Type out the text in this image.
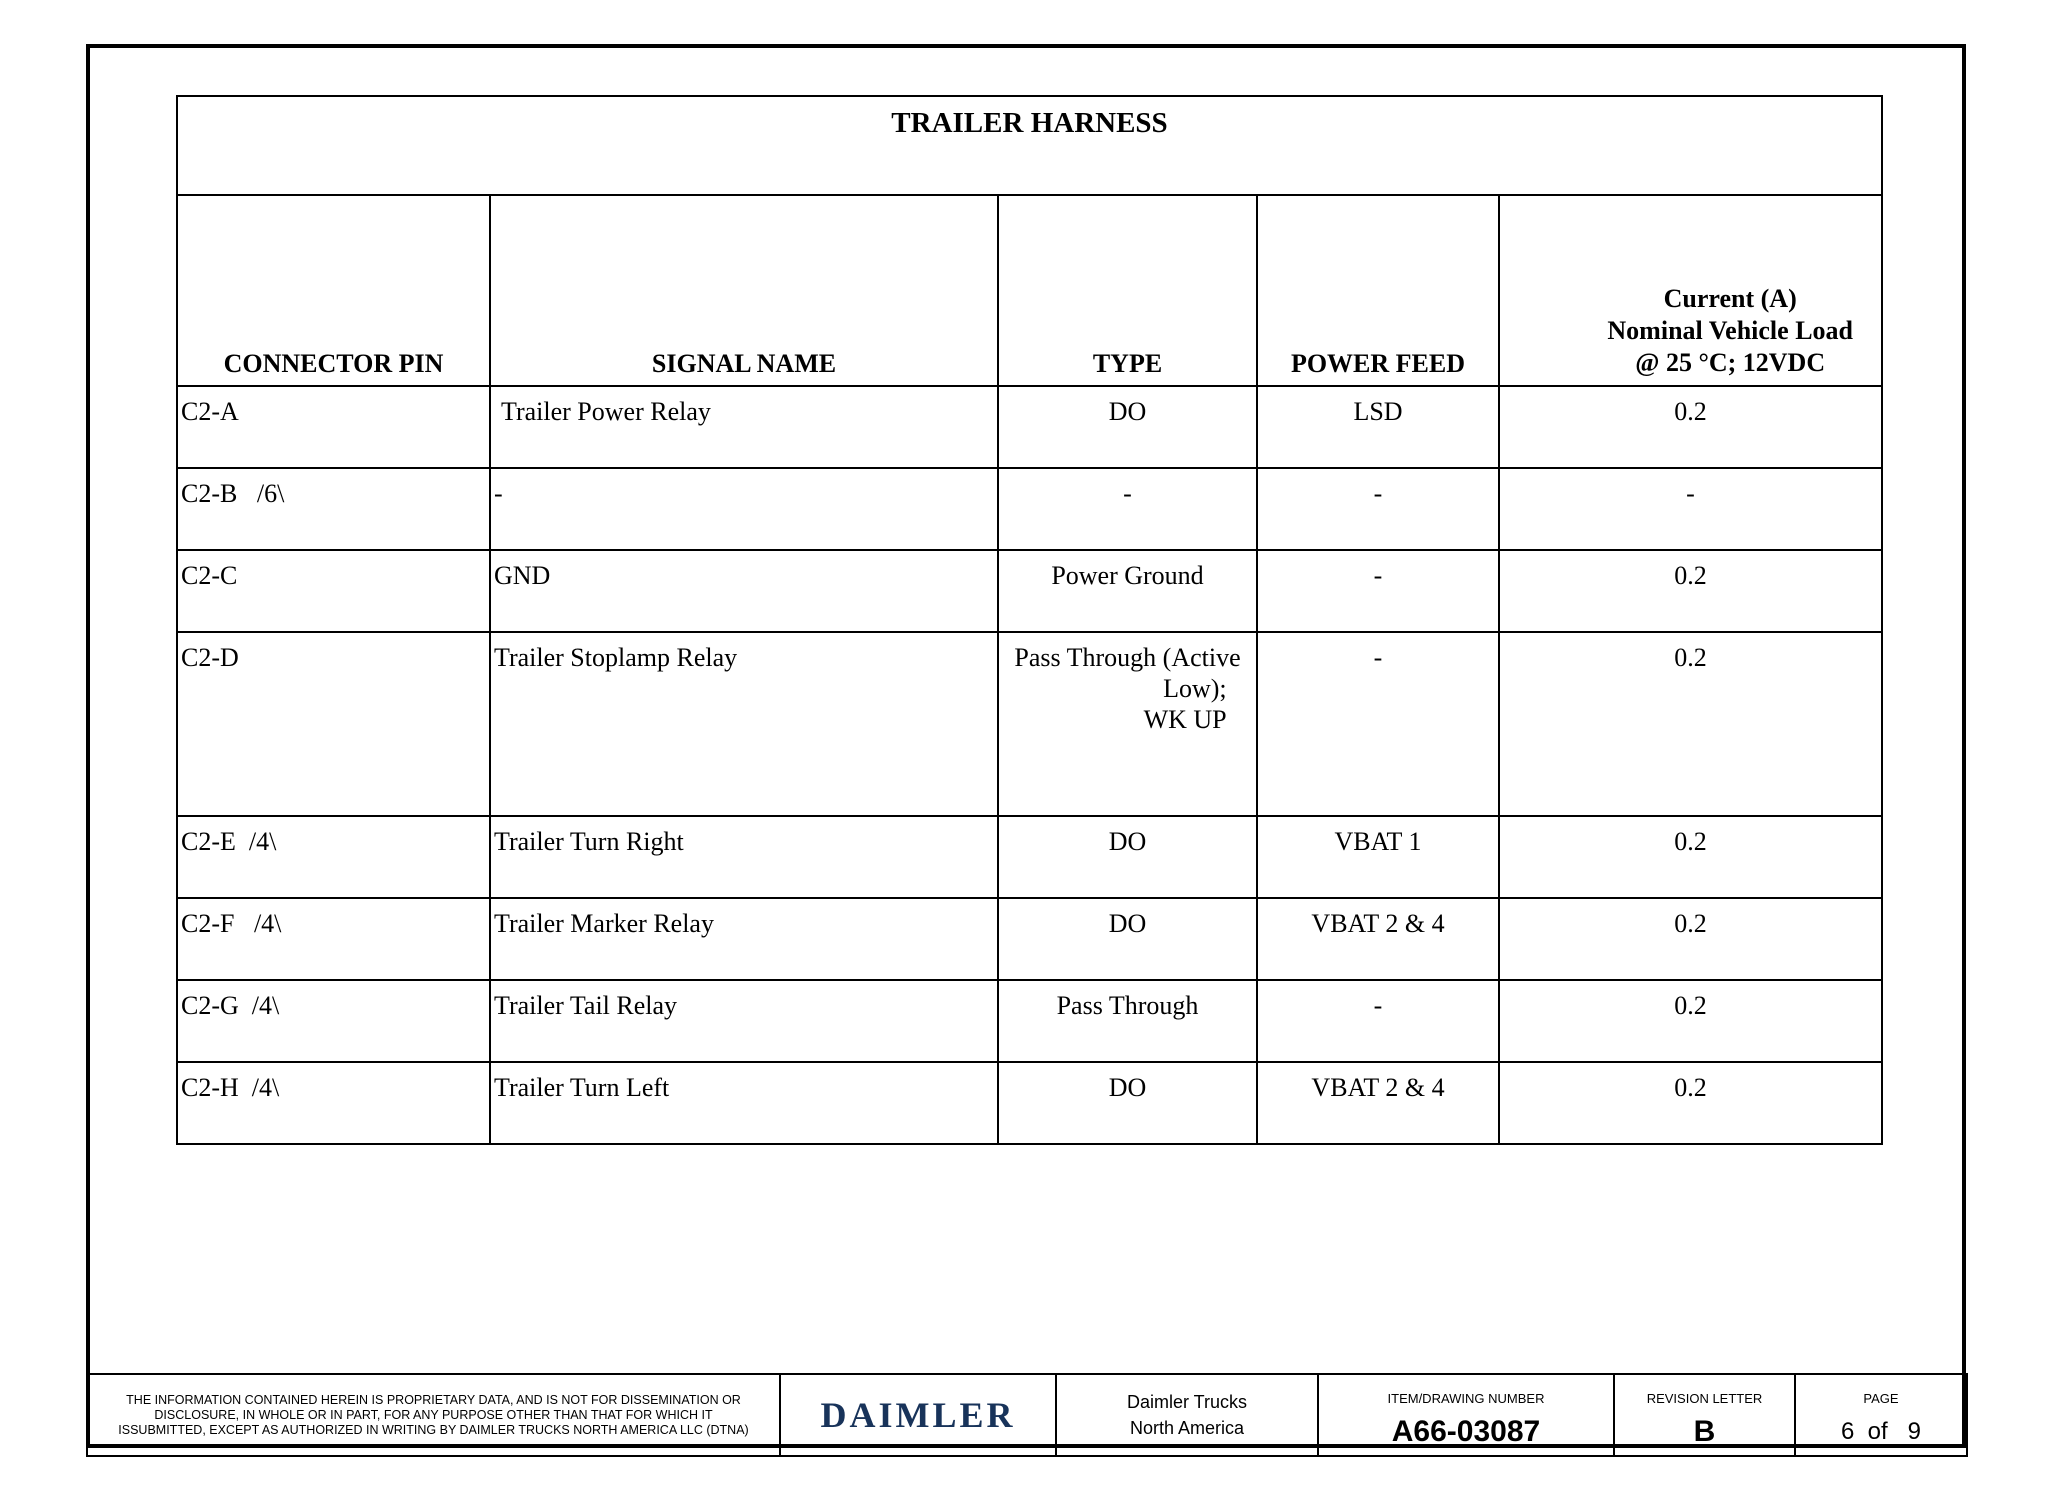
TRAILER HARNESS				
CONNECTOR PIN	SIGNAL NAME	TYPE	POWER FEED	Current (A)
Nominal Vehicle Load
@ 25 °C; 12VDC
C2-A	Trailer Power Relay	DO	LSD	0.2
C2-B   /6\	-	-	-	-
C2-C	GND	Power Ground	-	0.2
C2-D	Trailer Stoplamp Relay	Pass Through (Active
Low);
WK UP	-	0.2
C2-E  /4\	Trailer Turn Right	DO	VBAT 1	0.2
C2-F   /4\	Trailer Marker Relay	DO	VBAT 2 & 4	0.2
C2-G  /4\	Trailer Tail Relay	Pass Through	-	0.2
C2-H  /4\	Trailer Turn Left	DO	VBAT 2 & 4	0.2
THE INFORMATION CONTAINED HEREIN IS PROPRIETARY DATA, AND IS NOT FOR DISSEMINATION OR
DISCLOSURE, IN WHOLE OR IN PART, FOR ANY PURPOSE OTHER THAN THAT FOR WHICH IT
ISSUBMITTED, EXCEPT AS AUTHORIZED IN WRITING BY DAIMLER TRUCKS NORTH AMERICA LLC (DTNA)	DAIMLER	Daimler Trucks
North America	
ITEM/DRAWING NUMBER
A66-03087

REVISION LETTER
B

PAGE
6  of   9
